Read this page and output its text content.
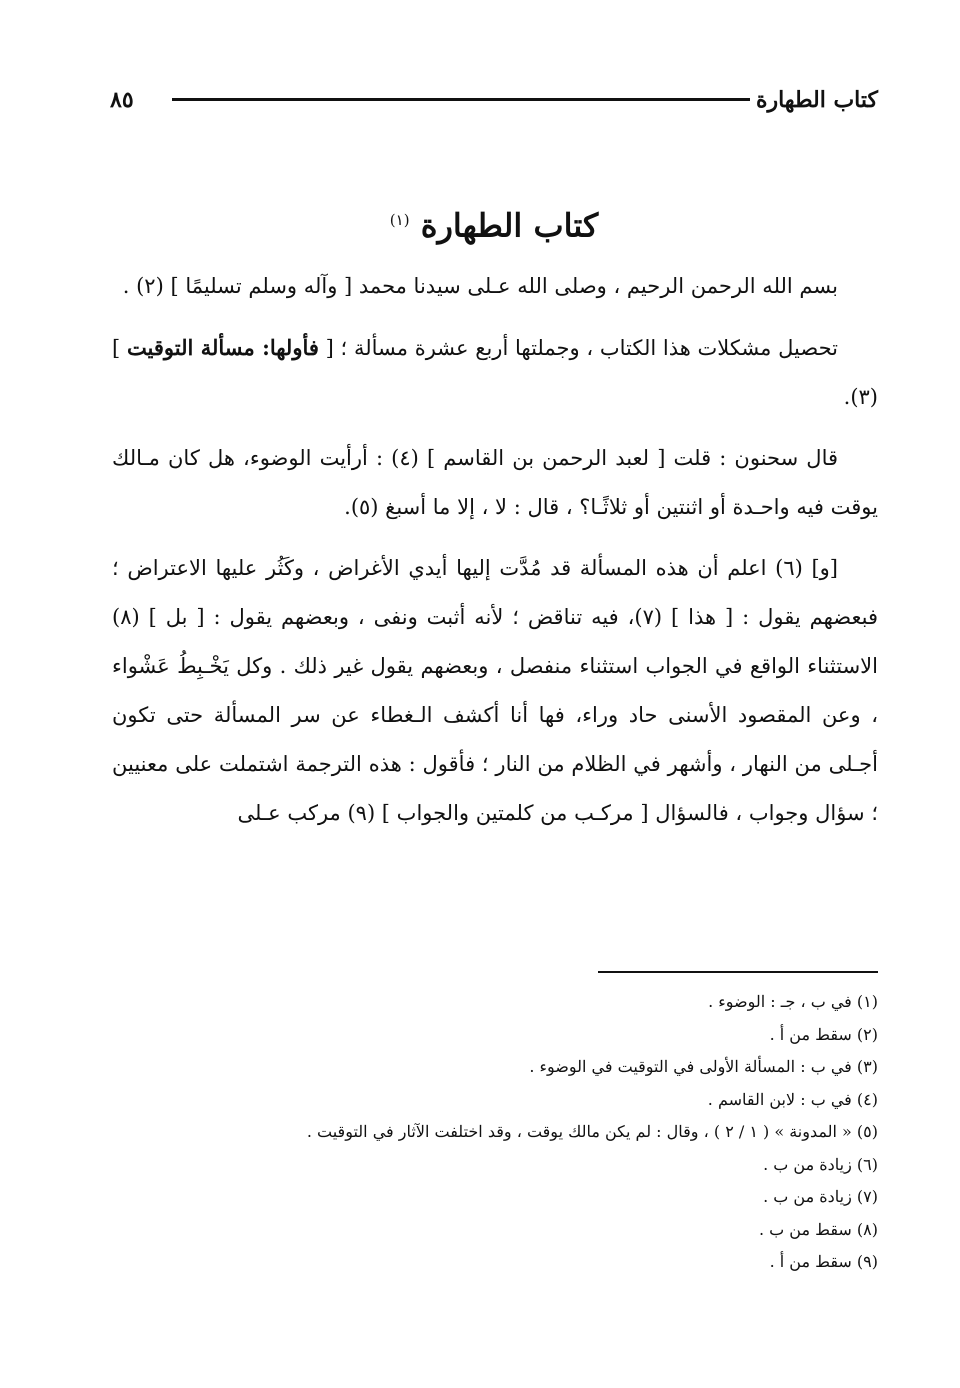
كتاب الطهارة
٨٥
كتاب الطهارة $^{(١)}$

بسم الله الرحمن الرحيم ، وصلى الله عـلى سيدنا محمد [ وآله وسلم تسليمًا ] (٢) .

تحصيل مشكلات هذا الكتاب ، وجملتها أربع عشرة مسألة ؛ [ فأولها: مسألة التوقيت ] (٣).

قال سحنون : قلت [ لعبد الرحمن بن القاسم ] (٤) : أرأيت الوضوء، هل كان مـالك يوقت فيه واحـدة أو اثنتين أو ثلاثًـا؟ ، قال : لا ، إلا ما أسبغ (٥).

[و] (٦) اعلم أن هذه المسألة قد مُدَّت إليها أيدي الأغراض ، وكَثُر عليها الاعتراض ؛ فبعضهم يقول : [ هذا ] (٧)، فيه تناقض ؛ لأنه أثبت ونفى ، وبعضهم يقول : [ بل ] (٨) الاستثناء الواقع في الجواب استثناء منفصل ، وبعضهم يقول غير ذلك . وكل يَخْـبِطُ عَشْواء ، وعن المقصود الأسنى حاد وراء، فها أنا أكشف الـغطاء عن سر المسألة حتى تكون أجـلى من النهار ، وأشهر في الظلام من النار ؛ فأقول : هذه الترجمة اشتملت على معنيين ؛ سؤال وجواب ، فالسؤال [ مركـب من كلمتين والجواب ] (٩) مركب عـلى

(١) في ب ، جـ : الوضوء .
(٢) سقط من أ .
(٣) في ب : المسألة الأولى في التوقيت في الوضوء .
(٤) في ب : لابن القاسم .
(٥) « المدونة » ( ١ / ٢ ) ، وقال : لم يكن مالك يوقت ، وقد اختلفت الآثار في التوقيت .
(٦) زيادة من ب .
(٧) زيادة من ب .
(٨) سقط من ب .
(٩) سقط من أ .
